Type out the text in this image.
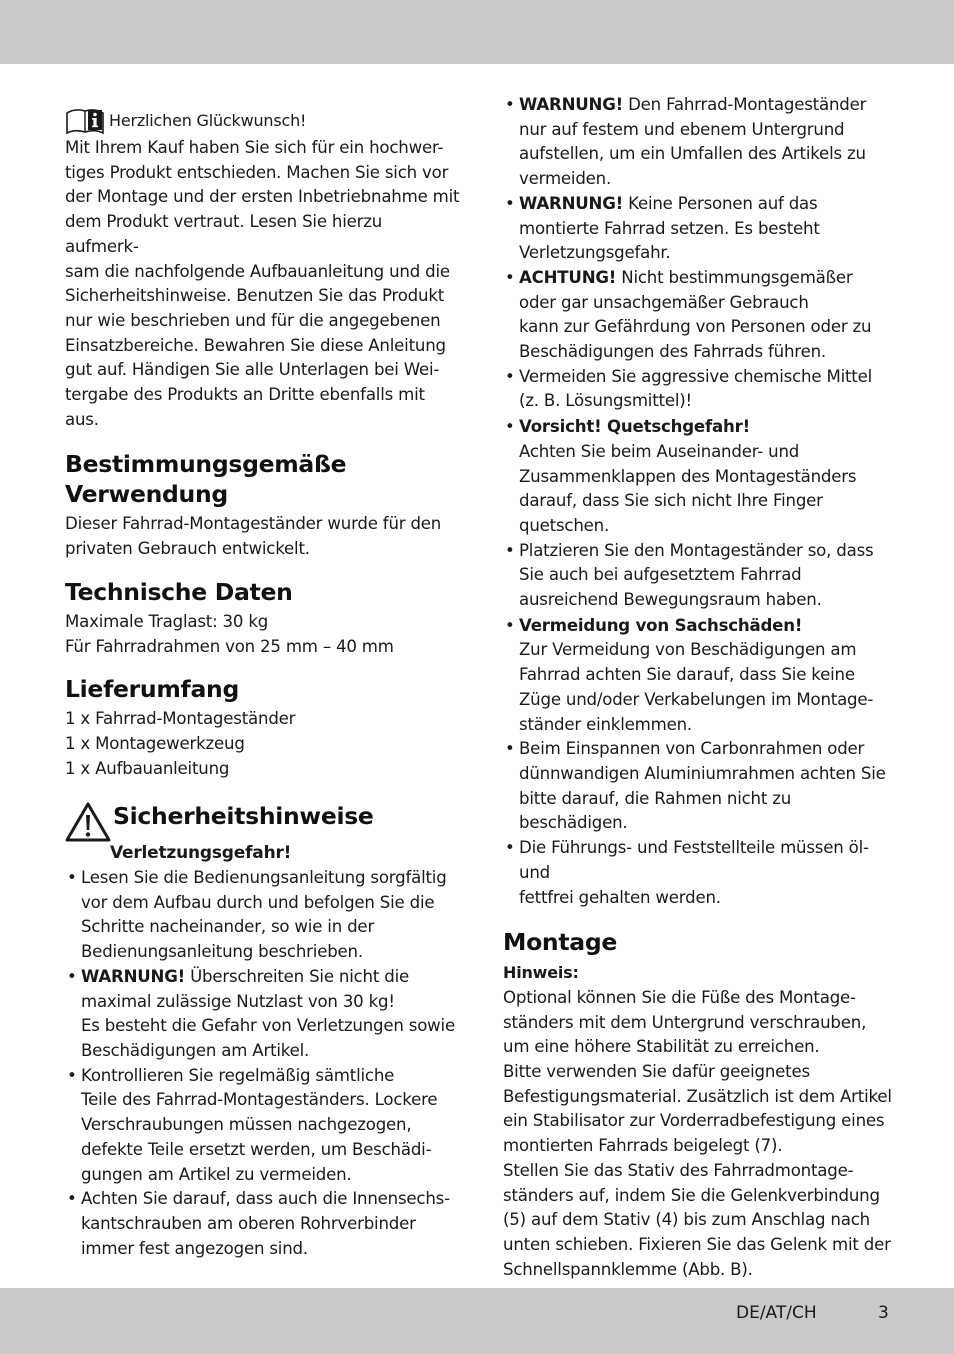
Herzlichen Glückwunsch!

Mit Ihrem Kauf haben Sie sich für ein hochwer-

tiges Produkt entschieden. Machen Sie sich vor

der Montage und der ersten Inbetriebnahme mit

dem Produkt vertraut. Lesen Sie hierzu aufmerk-

sam die nachfolgende Aufbauanleitung und die

Sicherheitshinweise. Benutzen Sie das Produkt

nur wie beschrieben und für die angegebenen

Einsatzbereiche. Bewahren Sie diese Anleitung

gut auf. Händigen Sie alle Unterlagen bei Wei-

tergabe des Produkts an Dritte ebenfalls mit aus.

Bestimmungsgemäße
Verwendung

Dieser Fahrrad-Montageständer wurde für den

privaten Gebrauch entwickelt.

Technische Daten

Maximale Traglast: 30 kg

Für Fahrradrahmen von 25 mm – 40 mm

Lieferumfang

1 x Fahrrad-Montageständer

1 x Montagewerkzeug

1 x Aufbauanleitung

Sicherheitshinweise
Verletzungsgefahr!
• Lesen Sie die Bedienungsanleitung sorgfältig
vor dem Aufbau durch und befolgen Sie die
Schritte nacheinander, so wie in der
Bedienungsanleitung beschrieben.
• WARNUNG! Überschreiten Sie nicht die
maximal zulässige Nutzlast von 30 kg!
Es besteht die Gefahr von Verletzungen sowie
Beschädigungen am Artikel.
• Kontrollieren Sie regelmäßig sämtliche
Teile des Fahrrad-Montageständers. Lockere
Verschraubungen müssen nachgezogen,
defekte Teile ersetzt werden, um Beschädi-
gungen am Artikel zu vermeiden.
• Achten Sie darauf, dass auch die Innensechs-
kantschrauben am oberen Rohrverbinder
immer fest angezogen sind.
• WARNUNG! Den Fahrrad-Montageständer
nur auf festem und ebenem Untergrund
aufstellen, um ein Umfallen des Artikels zu
vermeiden.
• WARNUNG! Keine Personen auf das
montierte Fahrrad setzen. Es besteht
Verletzungsgefahr.
• ACHTUNG! Nicht bestimmungsgemäßer
oder gar unsachgemäßer Gebrauch
kann zur Gefährdung von Personen oder zu
Beschädigungen des Fahrrads führen.
• Vermeiden Sie aggressive chemische Mittel
(z. B. Lösungsmittel)!
• Vorsicht! Quetschgefahr!
Achten Sie beim Auseinander- und
Zusammenklappen des Montageständers
darauf, dass Sie sich nicht Ihre Finger
quetschen.
• Platzieren Sie den Montageständer so, dass
Sie auch bei aufgesetztem Fahrrad
ausreichend Bewegungsraum haben.
• Vermeidung von Sachschäden!
Zur Vermeidung von Beschädigungen am
Fahrrad achten Sie darauf, dass Sie keine
Züge und/oder Verkabelungen im Montage-
ständer einklemmen.
• Beim Einspannen von Carbonrahmen oder
dünnwandigen Aluminiumrahmen achten Sie
bitte darauf, die Rahmen nicht zu beschädigen.
• Die Führungs- und Feststellteile müssen öl- und
fettfrei gehalten werden.
Montage
Hinweis:

Optional können Sie die Füße des Montage-

ständers mit dem Untergrund verschrauben,

um eine höhere Stabilität zu erreichen.

Bitte verwenden Sie dafür geeignetes

Befestigungsmaterial. Zusätzlich ist dem Artikel

ein Stabilisator zur Vorderradbefestigung eines

montierten Fahrrads beigelegt (7).

Stellen Sie das Stativ des Fahrradmontage-

ständers auf, indem Sie die Gelenkverbindung

(5) auf dem Stativ (4) bis zum Anschlag nach

unten schieben. Fixieren Sie das Gelenk mit der

Schnellspannklemme (Abb. B).

DE/AT/CH	3
